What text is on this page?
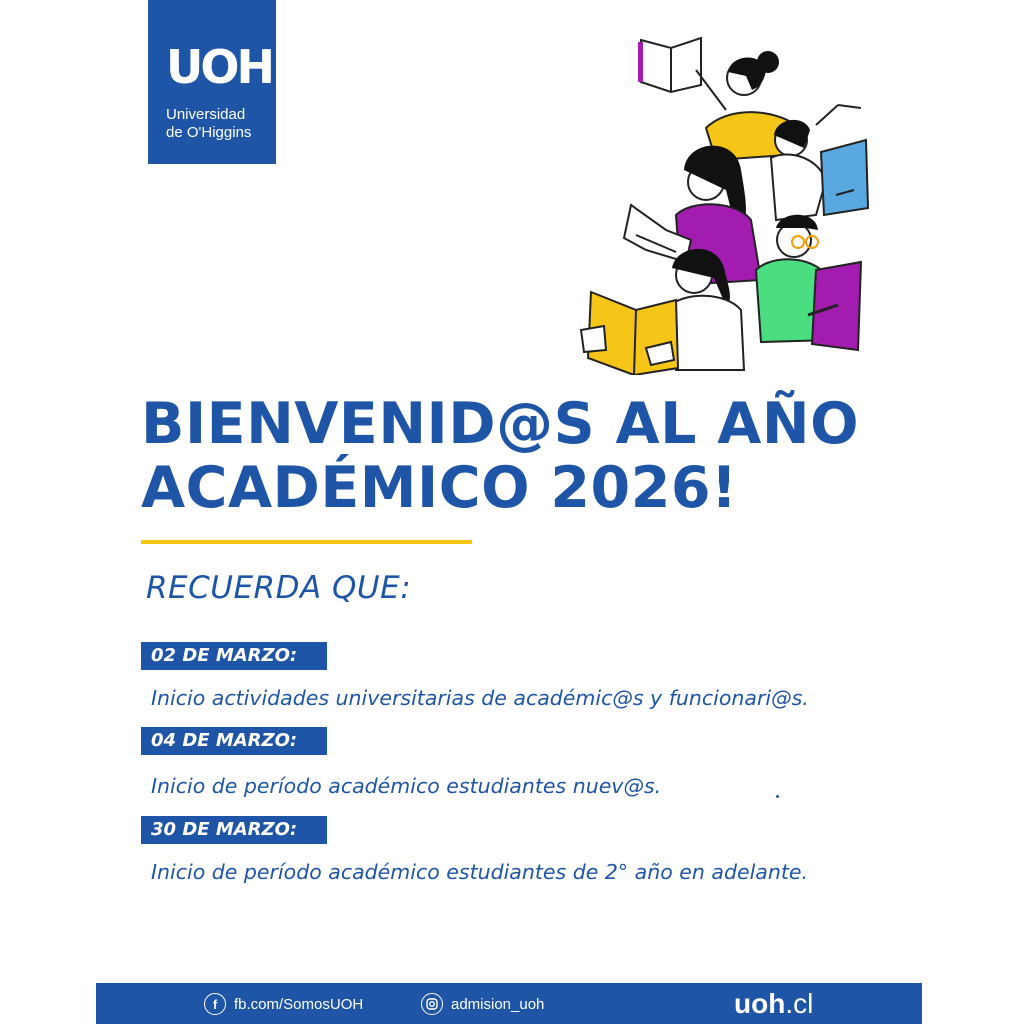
UOH
Universidad
de O'Higgins
BIENVENID@S AL AÑO
ACADÉMICO 2026!
RECUERDA QUE:
02 DE MARZO:
Inicio actividades universitarias de académic@s y funcionari@s.
04 DE MARZO:
Inicio de período académico estudiantes nuev@s.
30 DE MARZO:
Inicio de período académico estudiantes de 2° año en adelante.
f	fb.com/SomosUOH	admision_uoh	uoh.cl
